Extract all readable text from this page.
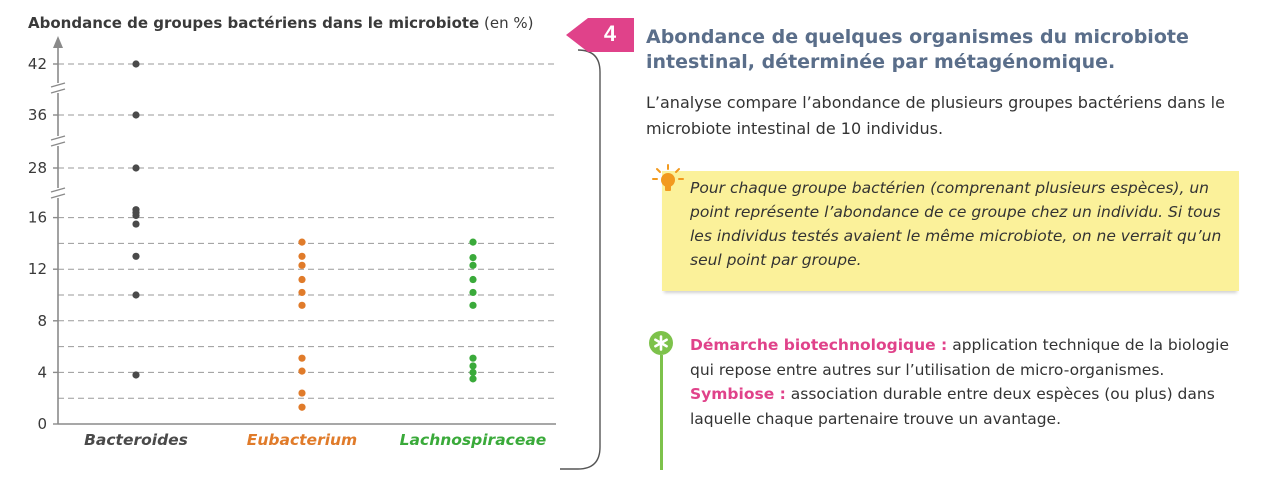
Abondance de groupes bactériens dans le microbiote (en %)
0
4
8
12
16
28
36
42
Bacteroides	Eubacterium	Lachnospiraceae
4	Abondance de quelques organismes du microbiote intestinal, déterminée par métagénomique.
L’analyse compare l’abondance de plusieurs groupes bactériens dans le microbiote intestinal de 10 individus.
Pour chaque groupe bactérien (comprenant plusieurs espèces), un point représente l’abondance de ce groupe chez un individu. Si tous les individus testés avaient le même microbiote, on ne verrait qu’un seul point par groupe.
Démarche biotechnologique : application technique de la biologie qui repose entre autres sur l’utilisation de micro-organismes.
Symbiose : association durable entre deux espèces (ou plus) dans laquelle chaque partenaire trouve un avantage.
